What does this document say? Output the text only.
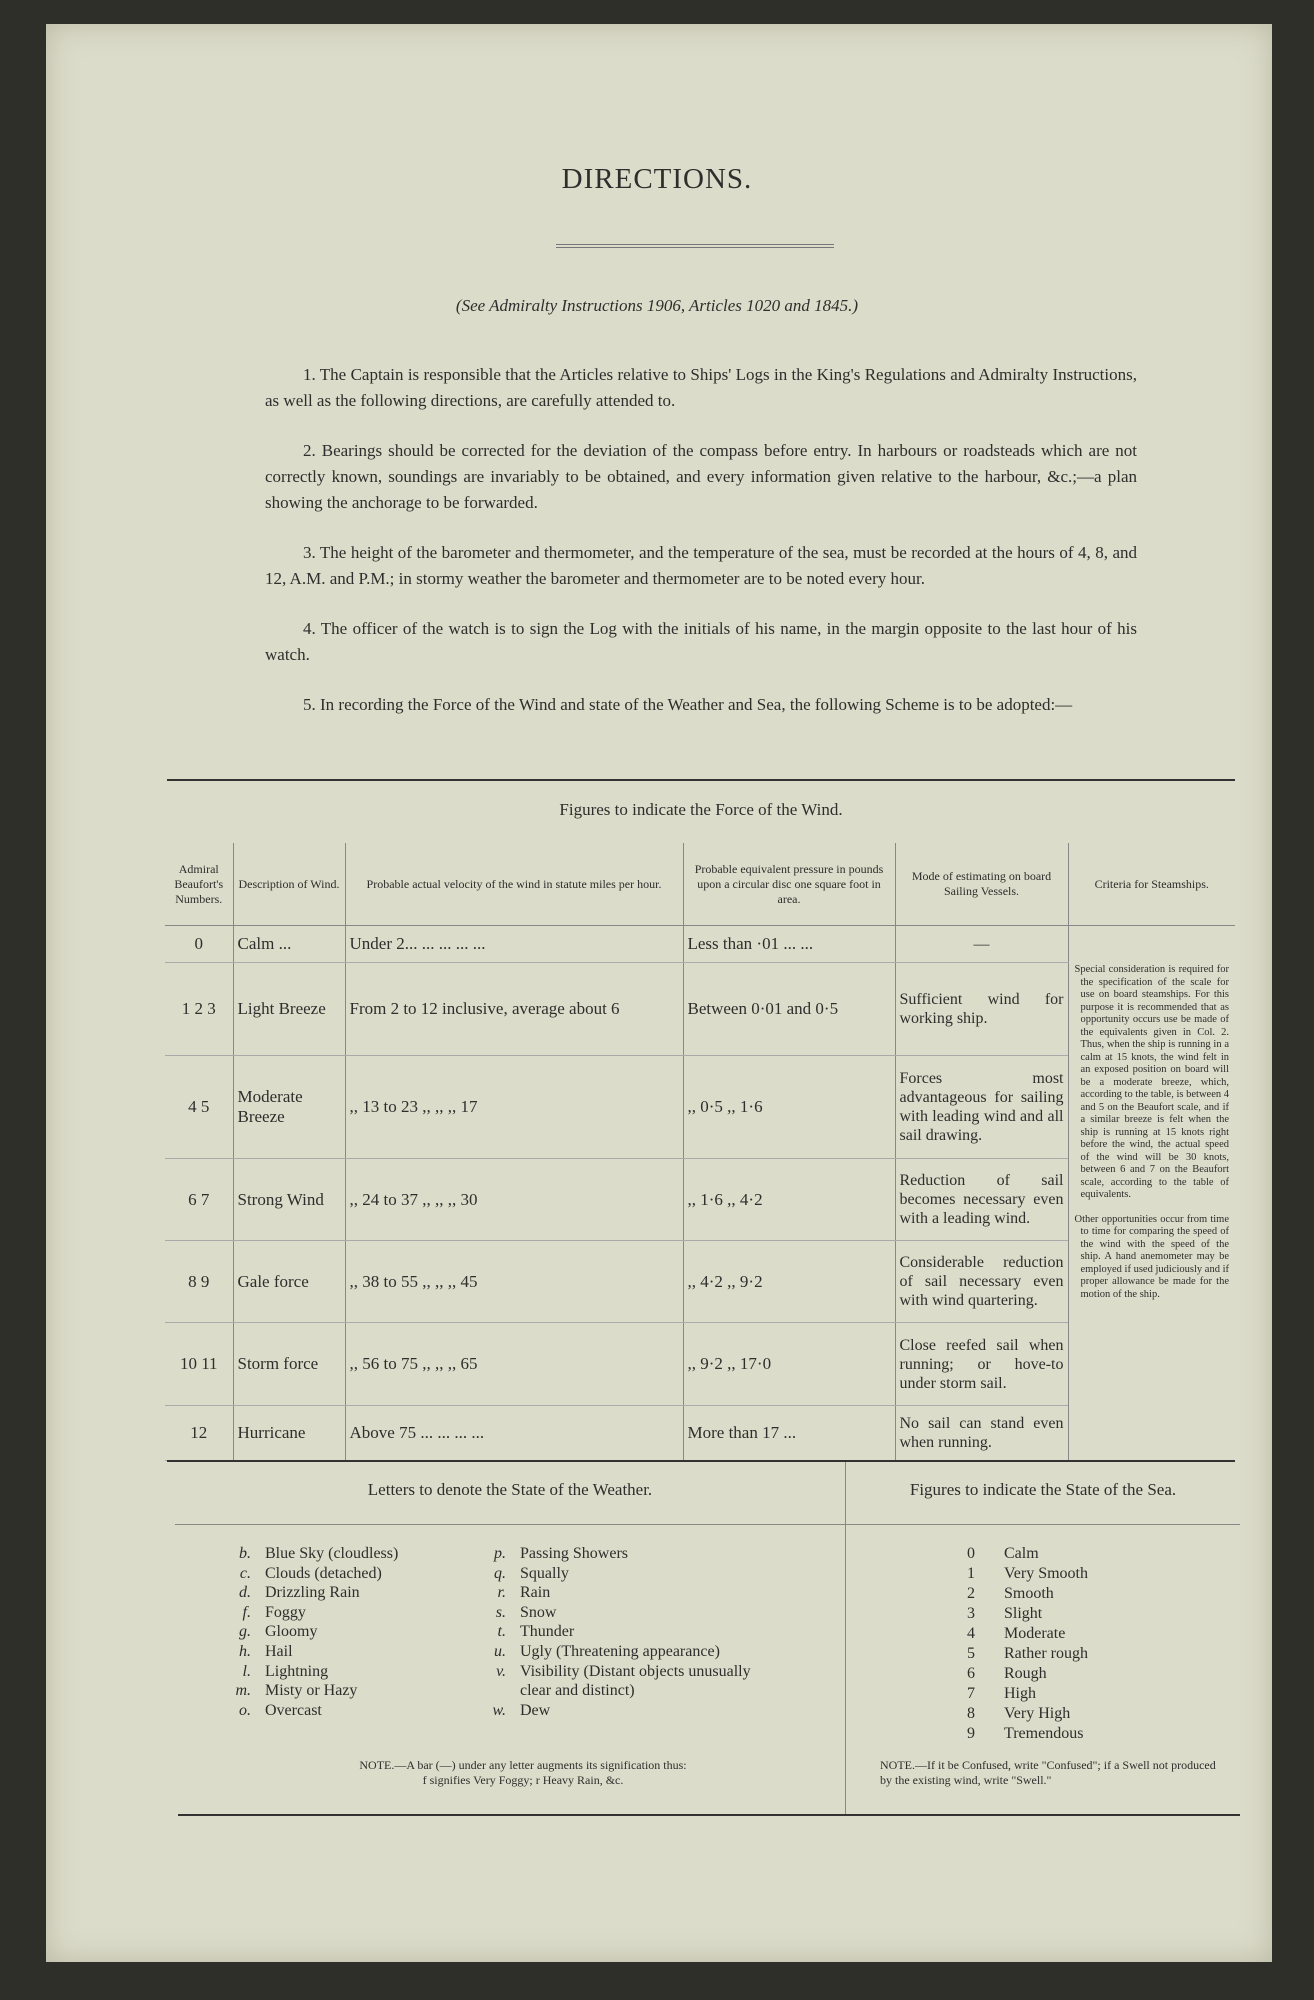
DIRECTIONS.
(See Admiralty Instructions 1906, Articles 1020 and 1845.)

1. The Captain is responsible that the Articles relative to Ships' Logs in the King's Regulations and Admiralty Instructions, as well as the following directions, are carefully attended to.

2. Bearings should be corrected for the deviation of the compass before entry. In harbours or roadsteads which are not correctly known, soundings are invariably to be obtained, and every information given relative to the harbour, &c.;—a plan showing the anchorage to be forwarded.

3. The height of the barometer and thermometer, and the temperature of the sea, must be recorded at the hours of 4, 8, and 12, A.M. and P.M.; in stormy weather the barometer and thermometer are to be noted every hour.

4. The officer of the watch is to sign the Log with the initials of his name, in the margin opposite to the last hour of his watch.

5. In recording the Force of the Wind and state of the Weather and Sea, the following Scheme is to be adopted:—

Figures to indicate the Force of the Wind.
Admiral Beaufort's Numbers.	Description of Wind.	Probable actual velocity of the wind in statute miles per hour.	Probable equivalent pressure in pounds upon a circular disc one square foot in area.	Mode of estimating on board Sailing Vessels.	Criteria for Steamships.
0	Calm ...	Under 2... ... ... ... ...	Less than ·01 ... ...	—	Special consideration is required for the specification of the scale for use on board steamships. For this purpose it is recommended that as opportunity occurs use be made of the equivalents given in Col. 2. Thus, when the ship is running in a calm at 15 knots, the wind felt in an exposed position on board will be a moderate breeze, which, according to the table, is between 4 and 5 on the Beaufort scale, and if a similar breeze is felt when the ship is running at 15 knots right before the wind, the actual speed of the wind will be 30 knots, between 6 and 7 on the Beaufort scale, according to the table of equivalents.

Other opportunities occur from time to time for comparing the speed of the wind with the speed of the ship. A hand anemometer may be employed if used judiciously and if proper allowance be made for the motion of the ship.

1 2 3	Light Breeze	From 2 to 12 inclusive, average about 6	Between 0·01 and 0·5	Sufficient wind for working ship.	
4 5	Moderate Breeze	,, 13 to 23 ,, ,, ,, 17	,, 0·5 ,, 1·6	Forces most advantageous for sailing with leading wind and all sail drawing.	
6 7	Strong Wind	,, 24 to 37 ,, ,, ,, 30	,, 1·6 ,, 4·2	Reduction of sail becomes necessary even with a leading wind.	
8 9	Gale force	,, 38 to 55 ,, ,, ,, 45	,, 4·2 ,, 9·2	Considerable reduction of sail necessary even with wind quartering.	
10 11	Storm force	,, 56 to 75 ,, ,, ,, 65	,, 9·2 ,, 17·0	Close reefed sail when running; or hove-to under storm sail.	
12	Hurricane	Above 75 ... ... ... ...	More than 17 ...	No sail can stand even when running.	
Letters to denote the State of the Weather.
b. Blue Sky (cloudless)
c. Clouds (detached)
d. Drizzling Rain
f. Foggy
g. Gloomy
h. Hail
l. Lightning
m. Misty or Hazy
o. Overcast
p. Passing Showers
q. Squally
r. Rain
s. Snow
t. Thunder
u. Ugly (Threatening appearance)
v. Visibility (Distant objects unusually
clear and distinct)
w. Dew
NOTE.—A bar (—) under any letter augments its signification thus:
f signifies Very Foggy; r Heavy Rain, &c.
Figures to indicate the State of the Sea.
0 Calm
1 Very Smooth
2 Smooth
3 Slight
4 Moderate
5 Rather rough
6 Rough
7 High
8 Very High
9 Tremendous
NOTE.—If it be Confused, write "Confused"; if a Swell not produced by the existing wind, write "Swell."
